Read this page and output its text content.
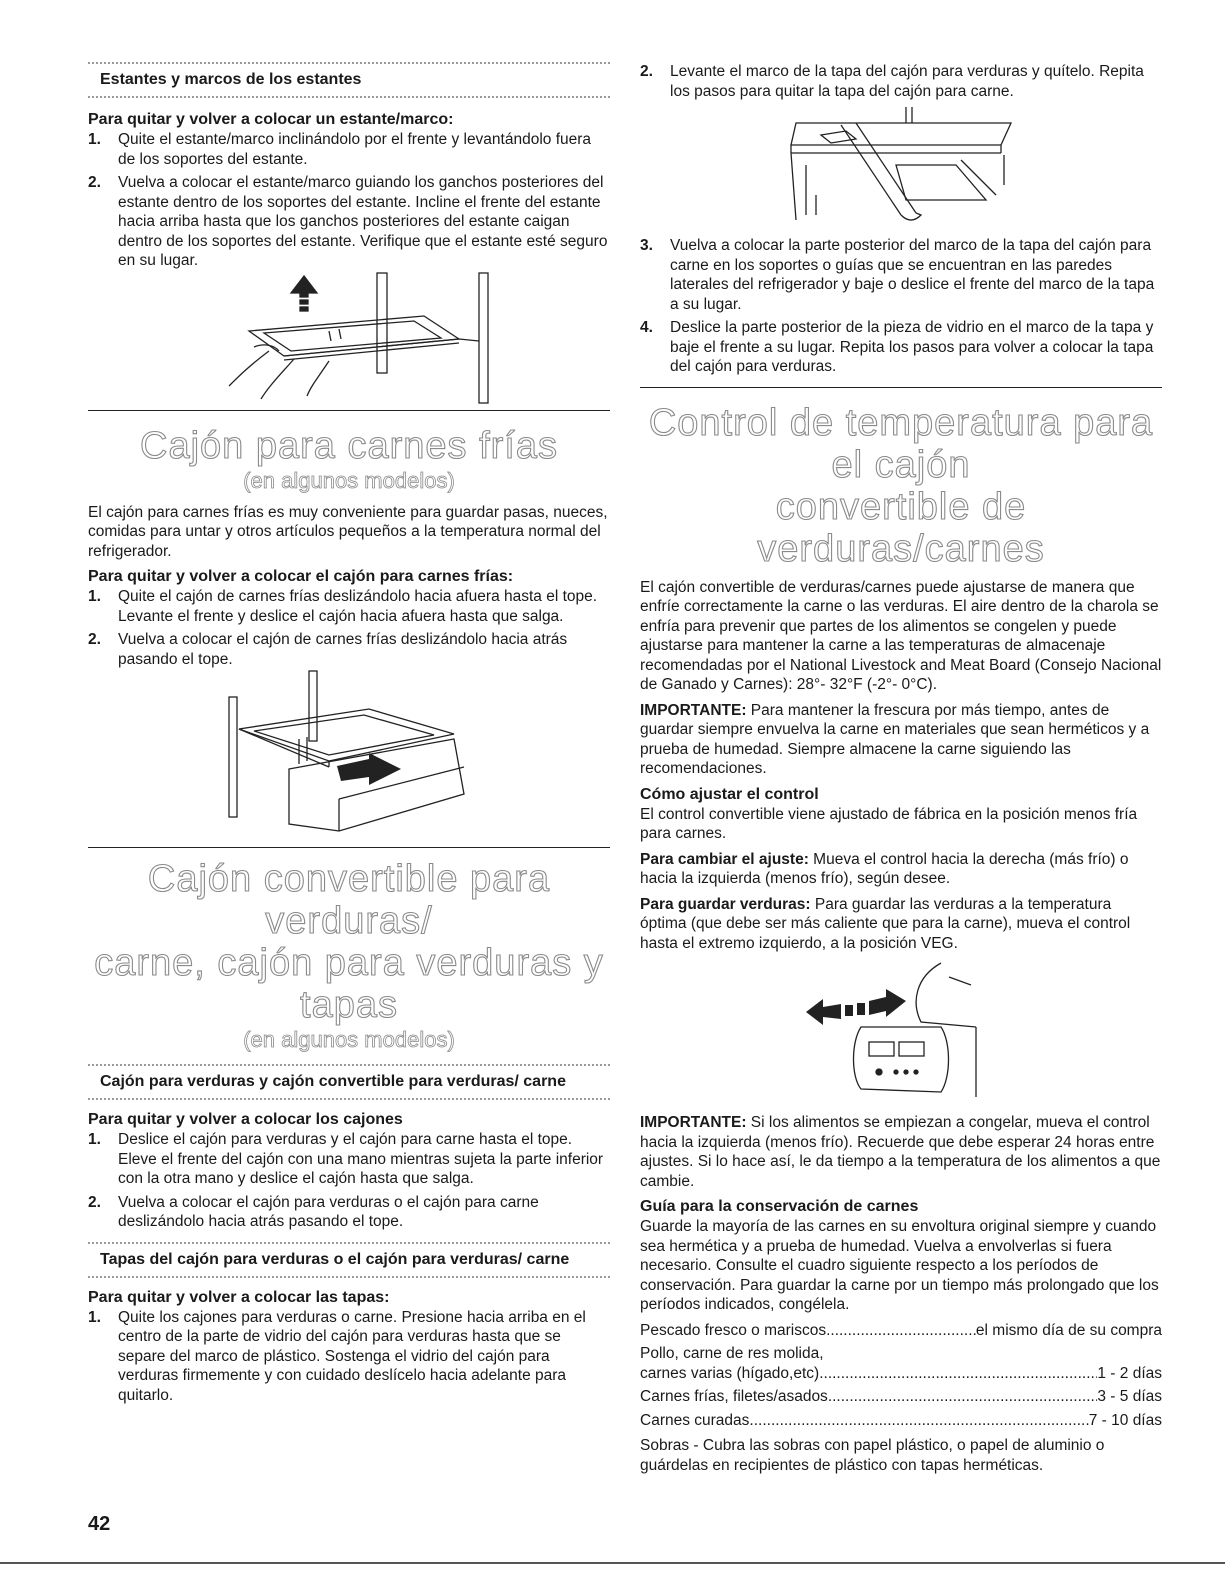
Estantes y marcos de los estantes

Para quitar y volver a colocar un estante/marco:

1. Quite el estante/marco inclinándolo por el frente y levantándolo fuera de los soportes del estante.
2. Vuelva a colocar el estante/marco guiando los ganchos posteriores del estante dentro de los soportes del estante. Incline el frente del estante hacia arriba hasta que los ganchos posteriores del estante caigan dentro de los soportes del estante. Verifique que el estante esté seguro en su lugar.
Cajón para carnes frías
(en algunos modelos)

El cajón para carnes frías es muy conveniente para guardar pasas, nueces, comidas para untar y otros artículos pequeños a la temperatura normal del refrigerador.

Para quitar y volver a colocar el cajón para carnes frías:

1. Quite el cajón de carnes frías deslizándolo hacia afuera hasta el tope. Levante el frente y deslice el cajón hacia afuera hasta que salga.
2. Vuelva a colocar el cajón de carnes frías deslizándolo hacia atrás pasando el tope.
Cajón convertible para verduras/
carne, cajón para verduras y tapas
(en algunos modelos)
Cajón para verduras y cajón convertible para verduras/ carne

Para quitar y volver a colocar los cajones

1. Deslice el cajón para verduras y el cajón para carne hasta el tope. Eleve el frente del cajón con una mano mientras sujeta la parte inferior con la otra mano y deslice el cajón hasta que salga.
2. Vuelva a colocar el cajón para verduras o el cajón para carne deslizándolo hacia atrás pasando el tope.
Tapas del cajón para verduras o el cajón para verduras/ carne

Para quitar y volver a colocar las tapas:

1. Quite los cajones para verduras o carne. Presione hacia arriba en el centro de la parte de vidrio del cajón para verduras hasta que se separe del marco de plástico. Sostenga el vidrio del cajón para verduras firmemente y con cuidado deslícelo hacia adelante para quitarlo.
2. Levante el marco de la tapa del cajón para verduras y quítelo. Repita los pasos para quitar la tapa del cajón para carne.
3. Vuelva a colocar la parte posterior del marco de la tapa del cajón para carne en los soportes o guías que se encuentran en las paredes laterales del refrigerador y baje o deslice el frente del marco de la tapa a su lugar.
4. Deslice la parte posterior de la pieza de vidrio en el marco de la tapa y baje el frente a su lugar. Repita los pasos para volver a colocar la tapa del cajón para verduras.
Control de temperatura para el cajón
convertible de verduras/carnes

El cajón convertible de verduras/carnes puede ajustarse de manera que enfríe correctamente la carne o las verduras. El aire dentro de la charola se enfría para prevenir que partes de los alimentos se congelen y puede ajustarse para mantener la carne a las temperaturas de almacenaje recomendadas por el National Livestock and Meat Board (Consejo Nacional de Ganado y Carnes): 28°- 32°F (-2°- 0°C).

IMPORTANTE: Para mantener la frescura por más tiempo, antes de guardar siempre envuelva la carne en materiales que sean herméticos y a prueba de humedad. Siempre almacene la carne siguiendo las recomendaciones.

Cómo ajustar el control

El control convertible viene ajustado de fábrica en la posición menos fría para carnes.

Para cambiar el ajuste: Mueva el control hacia la derecha (más frío) o hacia la izquierda (menos frío), según desee.

Para guardar verduras: Para guardar las verduras a la temperatura óptima (que debe ser más caliente que para la carne), mueva el control hasta el extremo izquierdo, a la posición VEG.

IMPORTANTE: Si los alimentos se empiezan a congelar, mueva el control hacia la izquierda (menos frío). Recuerde que debe esperar 24 horas entre ajustes. Si lo hace así, le da tiempo a la temperatura de los alimentos a que cambie.

Guía para la conservación de carnes

Guarde la mayoría de las carnes en su envoltura original siempre y cuando sea hermética y a prueba de humedad. Vuelva a envolverlas si fuera necesario. Consulte el cuadro siguiente respecto a los períodos de conservación. Para guardar la carne por un tiempo más prolongado que los períodos indicados, congélela.

Pescado fresco o mariscos .....	el mismo día de su compra

Pollo, carne de res molida,

carnes varias (hígado,etc) .....	1 - 2 días
Carnes frías, filetes/asados .....	3 - 5 días
Carnes curadas .....	7 - 10 días

Sobras - Cubra las sobras con papel plástico, o papel de aluminio o guárdelas en recipientes de plástico con tapas herméticas.

42
